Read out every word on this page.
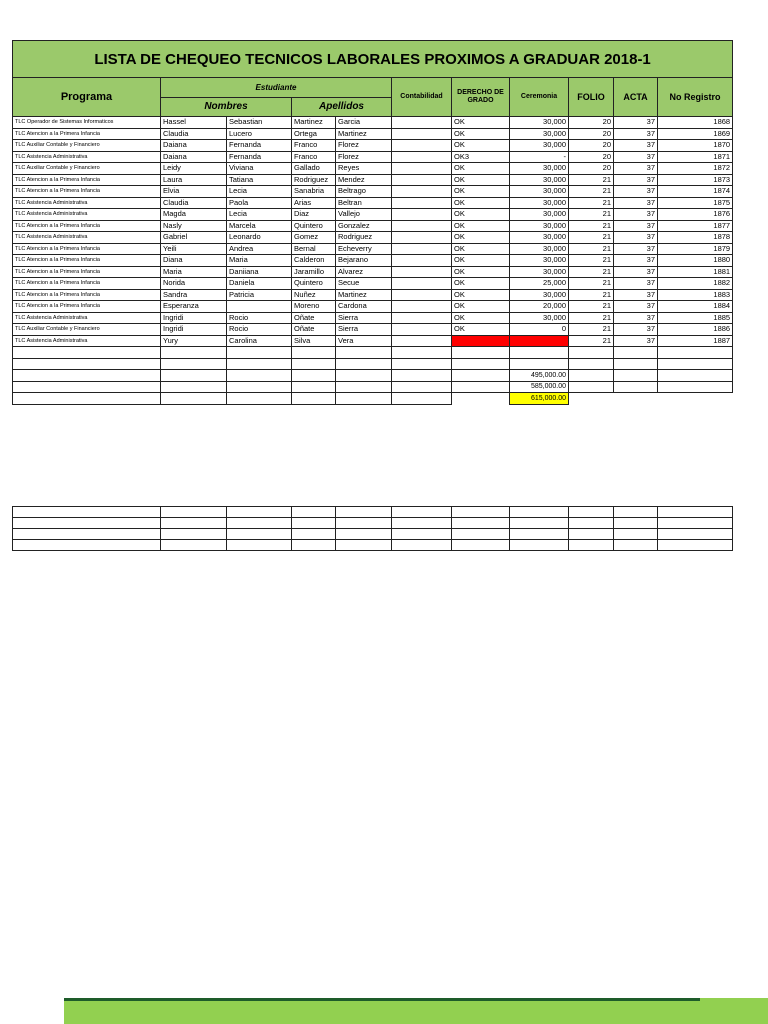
LISTA DE CHEQUEO TECNICOS LABORALES PROXIMOS A GRADUAR 2018-1										
Programa	Estudiante				Contabilidad	DERECHO DE GRADO	Ceremonia	FOLIO	ACTA	No Registro
	Nombres		Apellidos							
TLC Operador de Sistemas Informaticos	Hassel	Sebastian	Martinez	Garcia		OK	30,000	20	37	1868
TLC Atencion a la Primera Infancia	Claudia	Lucero	Ortega	Martinez		OK	30,000	20	37	1869
TLC Auxiliar Contable y Financiero	Daiana	Fernanda	Franco	Florez		OK	30,000	20	37	1870
TLC Asistencia Administrativa	Daiana	Fernanda	Franco	Florez		OK3	-	20	37	1871
TLC Auxiliar Contable y Financiero	Leidy	Viviana	Gallado	Reyes		OK	30,000	20	37	1872
TLC Atencion a la Primera Infancia	Laura	Tatiana	Rodriguez	Mendez		OK	30,000	21	37	1873
TLC Atencion a la Primera Infancia	Elvia	Lecia	Sanabria	Beltrago		OK	30,000	21	37	1874
TLC Asistencia Administrativa	Claudia	Paola	Arias	Beltran		OK	30,000	21	37	1875
TLC Asistencia Administrativa	Magda	Lecia	Diaz	Vallejo		OK	30,000	21	37	1876
TLC Atencion a la Primera Infancia	Nasly	Marcela	Quintero	Gonzalez		OK	30,000	21	37	1877
TLC Asistencia Administrativa	Gabriel	Leonardo	Gomez	Rodriguez		OK	30,000	21	37	1878
TLC Atencion a la Primera Infancia	Yeili	Andrea	Bernal	Echeverry		OK	30,000	21	37	1879
TLC Atencion a la Primera Infancia	Diana	Maria	Calderon	Bejarano		OK	30,000	21	37	1880
TLC Atencion a la Primera Infancia	Maria	Daniiana	Jaramillo	Alvarez		OK	30,000	21	37	1881
TLC Atencion a la Primera Infancia	Norida	Daniela	Quintero	Secue		OK	25,000	21	37	1882
TLC Atencion a la Primera Infancia	Sandra	Patricia	Nuñez	Martinez		OK	30,000	21	37	1883
TLC Atencion a la Primera Infancia	Esperanza		Moreno	Cardona		OK	20,000	21	37	1884
TLC Asistencia Administrativa	Ingridi	Rocio	Oñate	Sierra		OK	30,000	21	37	1885
TLC Auxiliar Contable y Financiero	Ingridi	Rocio	Oñate	Sierra		OK	0	21	37	1886
TLC Asistencia Administrativa	Yury	Carolina	Silva	Vera				21	37	1887

							495,000.00			
							585,000.00			
							615,000.00			
